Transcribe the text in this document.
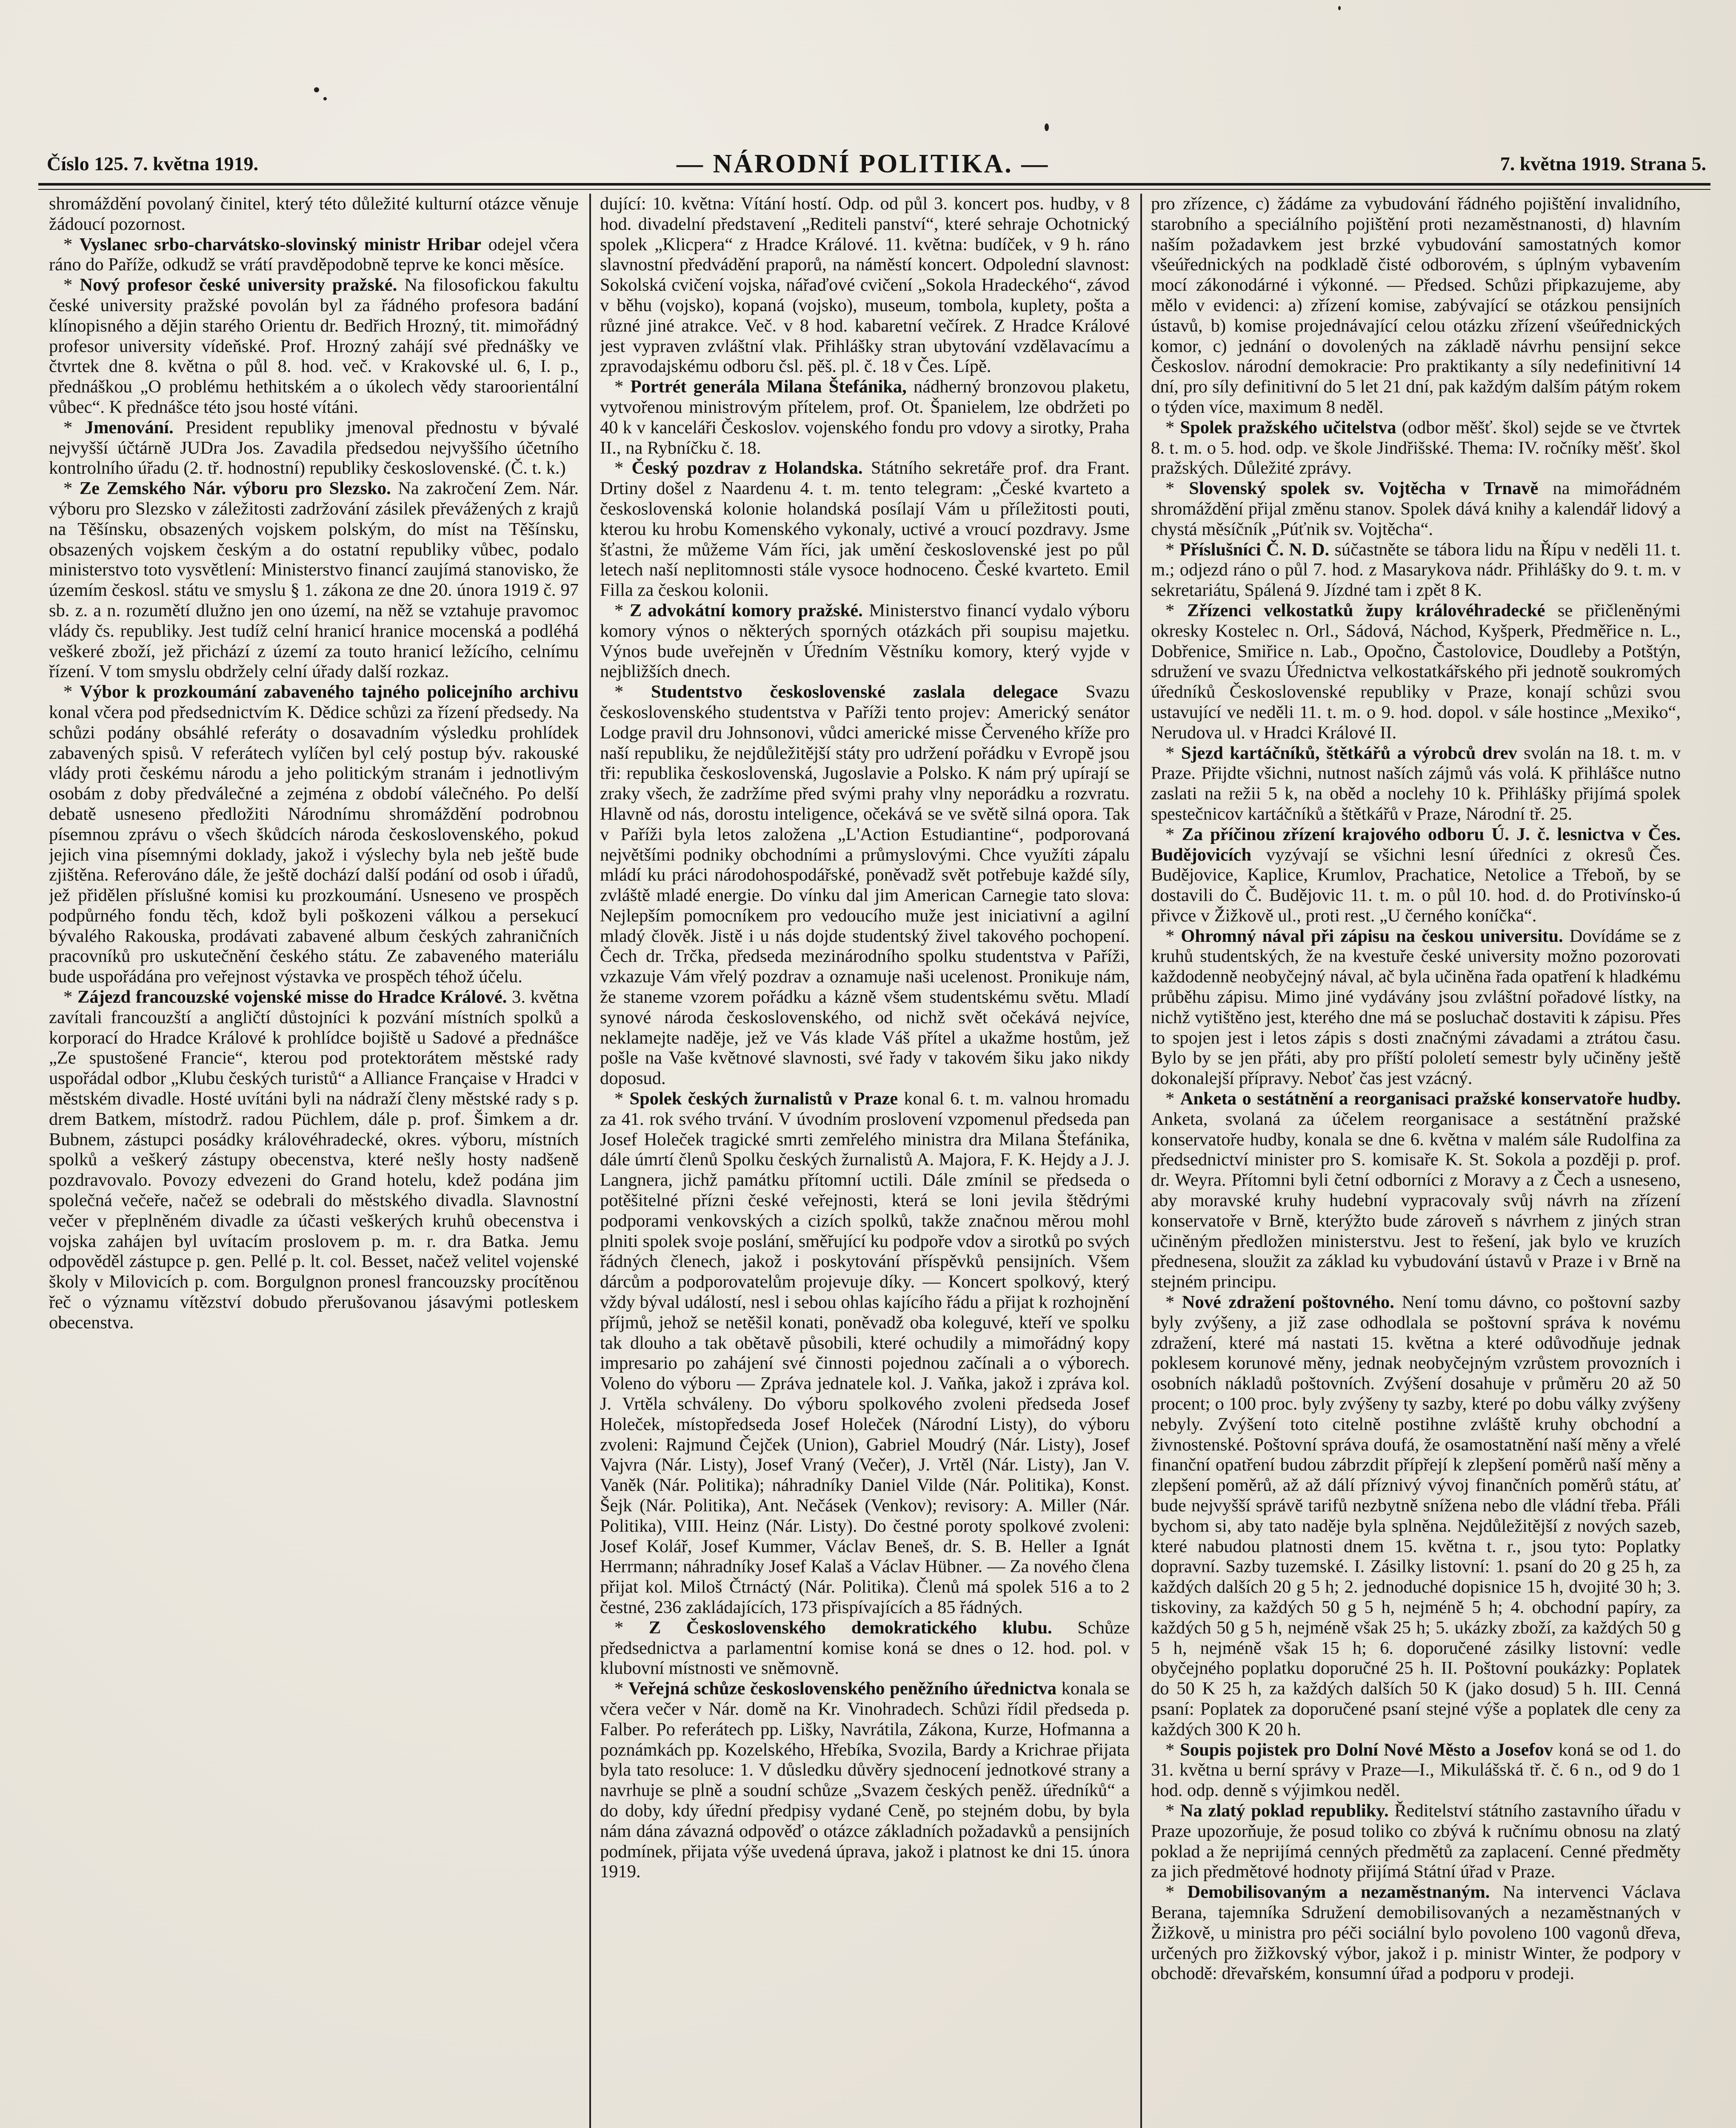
Číslo 125. 7. května 1919.	— NÁRODNÍ POLITIKA. —	7. května 1919. Strana 5.

shromáždění povolaný činitel, který této důležité kulturní otázce věnuje žádoucí pozornost.

* Vyslanec srbo-charvátsko-slovinský ministr Hribar odejel včera ráno do Paříže, odkudž se vrátí pravděpodobně teprve ke konci měsíce.

* Nový profesor české university pražské. Na filosofickou fakultu české university pražské povolán byl za řádného profesora badání klínopisného a dějin starého Orientu dr. Bedřich Hrozný, tit. mimořádný profesor university vídeňské. Prof. Hrozný zahájí své přednášky ve čtvrtek dne 8. května o půl 8. hod. več. v Krakovské ul. 6, I. p., přednáškou „O problému hethitském a o úkolech vědy staroorientální vůbec“. K přednášce této jsou hosté vítáni.

* Jmenování. President republiky jmenoval přednostu v bývalé nejvyšší účtárně JUDra Jos. Zavadila předsedou nejvyššího účetního kontrolního úřadu (2. tř. hodnostní) republiky československé. (Č. t. k.)

* Ze Zemského Nár. výboru pro Slezsko. Na zakročení Zem. Nár. výboru pro Slezsko v záležitosti zadržování zásilek převážených z krajů na Těšínsku, obsazených vojskem polským, do míst na Těšínsku, obsazených vojskem českým a do ostatní republiky vůbec, podalo ministerstvo toto vysvětlení: Ministerstvo financí zaujímá stanovisko, že územím českosl. státu ve smyslu § 1. zákona ze dne 20. února 1919 č. 97 sb. z. a n. rozumětí dlužno jen ono území, na něž se vztahuje pravomoc vlády čs. republiky. Jest tudíž celní hranicí hranice mocenská a podléhá veškeré zboží, jež přichází z území za touto hranicí ležícího, celnímu řízení. V tom smyslu obdržely celní úřady další rozkaz.

* Výbor k prozkoumání zabaveného tajného policejního archivu konal včera pod předsednictvím K. Dědice schůzi za řízení předsedy. Na schůzi podány obsáhlé referáty o dosavadním výsledku prohlídek zabavených spisů. V referátech vylíčen byl celý postup býv. rakouské vlády proti českému národu a jeho politickým stranám i jednotlivým osobám z doby předválečné a zejména z období válečného. Po delší debatě usneseno předložiti Národnímu shromáždění podrobnou písemnou zprávu o všech škůdcích národa československého, pokud jejich vina písemnými doklady, jakož i výslechy byla neb ještě bude zjištěna. Referováno dále, že ještě dochází další podání od osob i úřadů, jež přidělen příslušné komisi ku prozkoumání. Usneseno ve prospěch podpůrného fondu těch, kdož byli poškozeni válkou a persekucí bývalého Rakouska, prodávati zabavené album českých zahraničních pracovníků pro uskutečnění českého státu. Ze zabaveného materiálu bude uspořádána pro veřejnost výstavka ve prospěch téhož účelu.

* Zájezd francouzské vojenské misse do Hradce Králové. 3. května zavítali francouzští a angličtí důstojníci k pozvání místních spolků a korporací do Hradce Králové k prohlídce bojiště u Sadové a přednášce „Ze spustošené Francie“, kterou pod protektorátem městské rady uspořádal odbor „Klubu českých turistů“ a Alliance Française v Hradci v městském divadle. Hosté uvítáni byli na nádraží členy městské rady s p. drem Batkem, místodrž. radou Püchlem, dále p. prof. Šimkem a dr. Bubnem, zástupci posádky královéhradecké, okres. výboru, místních spolků a veškerý zástupy obecenstva, které nešly hosty nadšeně pozdravovalo. Povozy edvezeni do Grand hotelu, kdež podána jim společná večeře, načež se odebrali do městského divadla. Slavnostní večer v přeplněném divadle za účasti veškerých kruhů obecenstva i vojska zahájen byl uvítacím proslovem p. m. r. dra Batka. Jemu odpověděl zástupce p. gen. Pellé p. lt. col. Besset, načež velitel vojenské školy v Milovicích p. com. Borgulgnon pronesl francouzsky procítěnou řeč o významu vítězství dobudo přerušovanou jásavými potleskem obecenstva.

dující: 10. května: Vítání hostí. Odp. od půl 3. koncert pos. hudby, v 8 hod. divadelní představení „Rediteli panství“, které sehraje Ochotnický spolek „Klicpera“ z Hradce Králové. 11. května: budíček, v 9 h. ráno slavnostní předvádění praporů, na náměstí koncert. Odpolední slavnost: Sokolská cvičení vojska, nářaďové cvičení „Sokola Hradeckého“, závod v běhu (vojsko), kopaná (vojsko), museum, tombola, kuplety, pošta a různé jiné atrakce. Več. v 8 hod. kabaretní večírek. Z Hradce Králové jest vypraven zvláštní vlak. Přihlášky stran ubytování vzdělavacímu a zpravodajskému odboru čsl. pěš. pl. č. 18 v Čes. Lípě.

* Portrét generála Milana Štefánika, nádherný bronzovou plaketu, vytvořenou ministrovým přítelem, prof. Ot. Španielem, lze obdržeti po 40 k v kanceláři Českoslov. vojenského fondu pro vdovy a sirotky, Praha II., na Rybníčku č. 18.

* Český pozdrav z Holandska. Státního sekretáře prof. dra Frant. Drtiny došel z Naardenu 4. t. m. tento telegram: „České kvarteto a československá kolonie holandská posílají Vám u příležitosti pouti, kterou ku hrobu Komenského vykonaly, uctivé a vroucí pozdravy. Jsme šťastni, že můžeme Vám říci, jak umění československé jest po půl letech naší neplitomnosti stále vysoce hodnoceno. České kvarteto. Emil Filla za českou kolonii.

* Z advokátní komory pražské. Ministerstvo financí vydalo výboru komory výnos o některých sporných otázkách při soupisu majetku. Výnos bude uveřejněn v Úředním Věstníku komory, který vyjde v nejbližších dnech.

* Studentstvo československé zaslala delegace Svazu československého studentstva v Paříži tento projev: Americký senátor Lodge pravil dru Johnsonovi, vůdci americké misse Červeného kříže pro naší republiku, že nejdůležitější státy pro udržení pořádku v Evropě jsou tři: republika československá, Jugoslavie a Polsko. K nám prý upírají se zraky všech, že zadržíme před svými prahy vlny neporádku a rozvratu. Hlavně od nás, dorostu inteligence, očekává se ve světě silná opora. Tak v Paříži byla letos založena „L'Action Estudiantine“, podporovaná největšími podniky obchodními a průmyslovými. Chce využíti zápalu mládí ku práci národohospodářské, poněvadž svět potřebuje každé síly, zvláště mladé energie. Do vínku dal jim American Carnegie tato slova: Nejlepším pomocníkem pro vedoucího muže jest iniciativní a agilní mladý člověk. Jistě i u nás dojde studentský živel takového pochopení. Čech dr. Trčka, předseda mezinárodního spolku studentstva v Paříži, vzkazuje Vám vřelý pozdrav a oznamuje naši ucelenost. Pronikuje nám, že staneme vzorem pořádku a kázně všem studentskému světu. Mladí synové národa československého, od nichž svět očekává nejvíce, neklamejte naděje, jež ve Vás klade Váš přítel a ukažme hostům, jež pošle na Vaše květnové slavnosti, své řady v takovém šiku jako nikdy doposud.

* Spolek českých žurnalistů v Praze konal 6. t. m. valnou hromadu za 41. rok svého trvání. V úvodním proslovení vzpomenul předseda pan Josef Holeček tragické smrti zemřelého ministra dra Milana Štefánika, dále úmrtí členů Spolku českých žurnalistů A. Majora, F. K. Hejdy a J. J. Langnera, jichž památku přítomní uctili. Dále zmínil se předseda o potěšitelné přízni české veřejnosti, která se loni jevila štědrými podporami venkovských a cizích spolků, takže značnou měrou mohl plniti spolek svoje poslání, směřující ku podpoře vdov a sirotků po svých řádných členech, jakož i poskytování příspěvků pensijních. Všem dárcům a podporovatelům projevuje díky. — Koncert spolkový, který vždy býval událostí, nesl i sebou ohlas kajícího řádu a přijat k rozhojnění příjmů, jehož se netěšil konati, poněvadž oba koleguvé, kteří ve spolku tak dlouho a tak obětavě působili, které ochudily a mimořádný kopy impresario po zahájení své činnosti pojednou začínali a o výborech. Voleno do výboru — Zpráva jednatele kol. J. Vaňka, jakož i zpráva kol. J. Vrtěla schváleny. Do výboru spolkového zvoleni předseda Josef Holeček, místopředseda Josef Holeček (Národní Listy), do výboru zvoleni: Rajmund Čejček (Union), Gabriel Moudrý (Nár. Listy), Josef Vajvra (Nár. Listy), Josef Vraný (Večer), J. Vrtěl (Nár. Listy), Jan V. Vaněk (Nár. Politika); náhradníky Daniel Vilde (Nár. Politika), Konst. Šejk (Nár. Politika), Ant. Nečásek (Venkov); revisory: A. Miller (Nár. Politika), VIII. Heinz (Nár. Listy). Do čestné poroty spolkové zvoleni: Josef Kolář, Josef Kummer, Václav Beneš, dr. S. B. Heller a Ignát Herrmann; náhradníky Josef Kalaš a Václav Hübner. — Za nového člena přijat kol. Miloš Čtrnáctý (Nár. Politika). Členů má spolek 516 a to 2 čestné, 236 zakládajících, 173 přispívajících a 85 řádných.

* Z Československého demokratického klubu. Schůze předsednictva a parlamentní komise koná se dnes o 12. hod. pol. v klubovní místnosti ve sněmovně.

* Veřejná schůze československého peněžního úřednictva konala se včera večer v Nár. domě na Kr. Vinohradech. Schůzi řídil předseda p. Falber. Po referátech pp. Lišky, Navrátila, Zákona, Kurze, Hofmanna a poznámkách pp. Kozelského, Hřebíka, Svozila, Bardy a Krichrae přijata byla tato resoluce: 1. V důsledku důvěry sjednocení jednotkové strany a navrhuje se plně a soudní schůze „Svazem českých peněž. úředníků“ a do doby, kdy úřední předpisy vydané Ceně, po stejném dobu, by byla nám dána závazná odpověď o otázce základních požadavků a pensijních podmínek, přijata výše uvedená úprava, jakož i platnost ke dni 15. února 1919.

pro zřízence, c) žádáme za vybudování řádného pojištění invalidního, starobního a speciálního pojištění proti nezaměstnanosti, d) hlavním naším požadavkem jest brzké vybudování samostatných komor všeúřednických na podkladě čisté odborovém, s úplným vybavením mocí zákonodárné i výkonné. — Předsed. Schůzi připkazujeme, aby mělo v evidenci: a) zřízení komise, zabývající se otázkou pensijních ústavů, b) komise projednávající celou otázku zřízení všeúřednických komor, c) jednání o dovolených na základě návrhu pensijní sekce Českoslov. národní demokracie: Pro praktikanty a síly nedefinitivní 14 dní, pro síly definitivní do 5 let 21 dní, pak každým dalším pátým rokem o týden více, maximum 8 neděl.

* Spolek pražského učitelstva (odbor měšť. škol) sejde se ve čtvrtek 8. t. m. o 5. hod. odp. ve škole Jindřišské. Thema: IV. ročníky měšť. škol pražských. Důležité zprávy.

* Slovenský spolek sv. Vojtěcha v Trnavě na mimořádném shromáždění přijal změnu stanov. Spolek dává knihy a kalendář lidový a chystá měsíčník „Púťnik sv. Vojtěcha“.

* Příslušníci Č. N. D. súčastněte se tábora lidu na Řípu v neděli 11. t. m.; odjezd ráno o půl 7. hod. z Masarykova nádr. Přihlášky do 9. t. m. v sekretariátu, Spálená 9. Jízdné tam i zpět 8 K.

* Zřízenci velkostatků župy královéhradecké se přičleněnými okresky Kostelec n. Orl., Sádová, Náchod, Kyšperk, Předměřice n. L., Dobřenice, Smiřice n. Lab., Opočno, Častolovice, Doudleby a Potštýn, sdružení ve svazu Úřednictva velkostatkářského při jednotě soukromých úředníků Československé republiky v Praze, konají schůzi svou ustavující ve neděli 11. t. m. o 9. hod. dopol. v sále hostince „Mexiko“, Nerudova ul. v Hradci Králové II.

* Sjezd kartáčníků, štětkářů a výrobců drev svolán na 18. t. m. v Praze. Přijdte všichni, nutnost naších zájmů vás volá. K přihlášce nutno zaslati na režii 5 k, na oběd a noclehy 10 k. Přihlášky přijímá spolek spestečnicov kartáčníků a štětkářů v Praze, Národní tř. 25.

* Za příčinou zřízení krajového odboru Ú. J. č. lesnictva v Čes. Budějovicích vyzývají se všichni lesní úředníci z okresů Čes. Budějovice, Kaplice, Krumlov, Prachatice, Netolice a Třeboň, by se dostavili do Č. Budějovic 11. t. m. o půl 10. hod. d. do Protivínsko-ú přivce v Žižkově ul., proti rest. „U černého koníčka“.

* Ohromný nával při zápisu na českou universitu. Dovídáme se z kruhů studentských, že na kvestuře české university možno pozorovati každodenně neobyčejný nával, ač byla učiněna řada opatření k hladkému průběhu zápisu. Mimo jiné vydávány jsou zvláštní pořadové lístky, na nichž vytištěno jest, kterého dne má se posluchač dostaviti k zápisu. Přes to spojen jest i letos zápis s dosti značnými závadami a ztrátou času. Bylo by se jen přáti, aby pro příští pololetí semestr byly učiněny ještě dokonalejší přípravy. Neboť čas jest vzácný.

* Anketa o sestátnění a reorganisaci pražské konservatoře hudby. Anketa, svolaná za účelem reorganisace a sestátnění pražské konservatoře hudby, konala se dne 6. května v malém sále Rudolfina za předsednictví minister pro S. komisaře K. St. Sokola a později p. prof. dr. Weyra. Přítomni byli četní odborníci z Moravy a z Čech a usneseno, aby moravské kruhy hudební vypracovaly svůj návrh na zřízení konservatoře v Brně, kterýžto bude zároveň s návrhem z jiných stran učiněným předložen ministerstvu. Jest to řešení, jak bylo ve kruzích přednesena, sloužit za základ ku vybudování ústavů v Praze i v Brně na stejném principu.

* Nové zdražení poštovného. Není tomu dávno, co poštovní sazby byly zvýšeny, a již zase odhodlala se poštovní správa k novému zdražení, které má nastati 15. května a které odůvodňuje jednak poklesem korunové měny, jednak neobyčejným vzrůstem provozních i osobních nákladů poštovních. Zvýšení dosahuje v průměru 20 až 50 procent; o 100 proc. byly zvýšeny ty sazby, které po dobu války zvýšeny nebyly. Zvýšení toto citelně postihne zvláště kruhy obchodní a živnostenské. Poštovní správa doufá, že osamostatnění naší měny a vřelé finanční opatření budou zábrzdit přípřejí k zlepšení poměrů naší měny a zlepšení poměrů, až až dálí příznivý vývoj finančních poměrů státu, ať bude nejvyšší správě tarifů nezbytně snížena nebo dle vládní třeba. Přáli bychom si, aby tato naděje byla splněna. Nejdůležitější z nových sazeb, které nabudou platnosti dnem 15. května t. r., jsou tyto: Poplatky dopravní. Sazby tuzemské. I. Zásilky listovní: 1. psaní do 20 g 25 h, za každých dalších 20 g 5 h; 2. jednoduché dopisnice 15 h, dvojité 30 h; 3. tiskoviny, za každých 50 g 5 h, nejméně 5 h; 4. obchodní papíry, za každých 50 g 5 h, nejméně však 25 h; 5. ukázky zboží, za každých 50 g 5 h, nejméně však 15 h; 6. doporučené zásilky listovní: vedle obyčejného poplatku doporučné 25 h. II. Poštovní poukázky: Poplatek do 50 K 25 h, za každých dalších 50 K (jako dosud) 5 h. III. Cenná psaní: Poplatek za doporučené psaní stejné výše a poplatek dle ceny za každých 300 K 20 h.

* Soupis pojistek pro Dolní Nové Město a Josefov koná se od 1. do 31. května u berní správy v Praze—I., Mikulášská tř. č. 6 n., od 9 do 1 hod. odp. denně s výjimkou neděl.

* Na zlatý poklad republiky. Ředitelství státního zastavního úřadu v Praze upozorňuje, že posud toliko co zbývá k ručnímu obnosu na zlatý poklad a že neprijímá cenných předmětů za zaplacení. Cenné předměty za jich předmětové hodnoty přijímá Státní úřad v Praze.

* Demobilisovaným a nezaměstnaným. Na intervenci Václava Berana, tajemníka Sdružení demobilisovaných a nezaměstnaných v Žižkově, u ministra pro péči sociální bylo povoleno 100 vagonů dřeva, určených pro žižkovský výbor, jakož i p. ministr Winter, že podpory v obchodě: dřevařském, konsumní úřad a podporu v prodeji.
